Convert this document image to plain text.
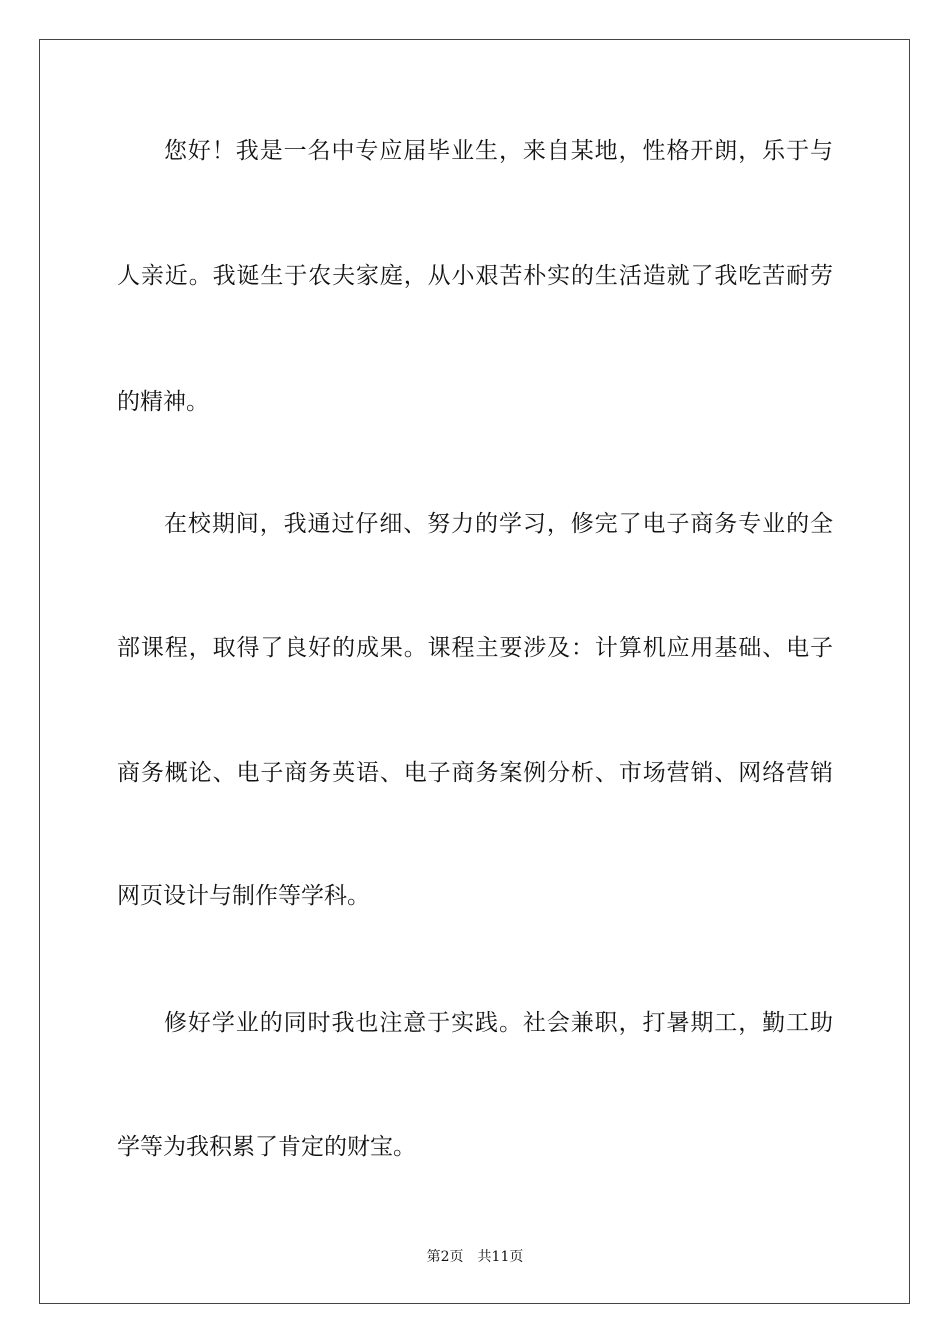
您好！我是一名中专应届毕业生，来自某地，性格开朗，乐于与
人亲近。我诞生于农夫家庭，从小艰苦朴实的生活造就了我吃苦耐劳
的精神。
在校期间，我通过仔细、努力的学习，修完了电子商务专业的全
部课程，取得了良好的成果。课程主要涉及：计算机应用基础、电子
商务概论、电子商务英语、电子商务案例分析、市场营销、网络营销
网页设计与制作等学科。
修好学业的同时我也注意于实践。社会兼职，打暑期工，勤工助
学等为我积累了肯定的财宝。
第2页 共11页
